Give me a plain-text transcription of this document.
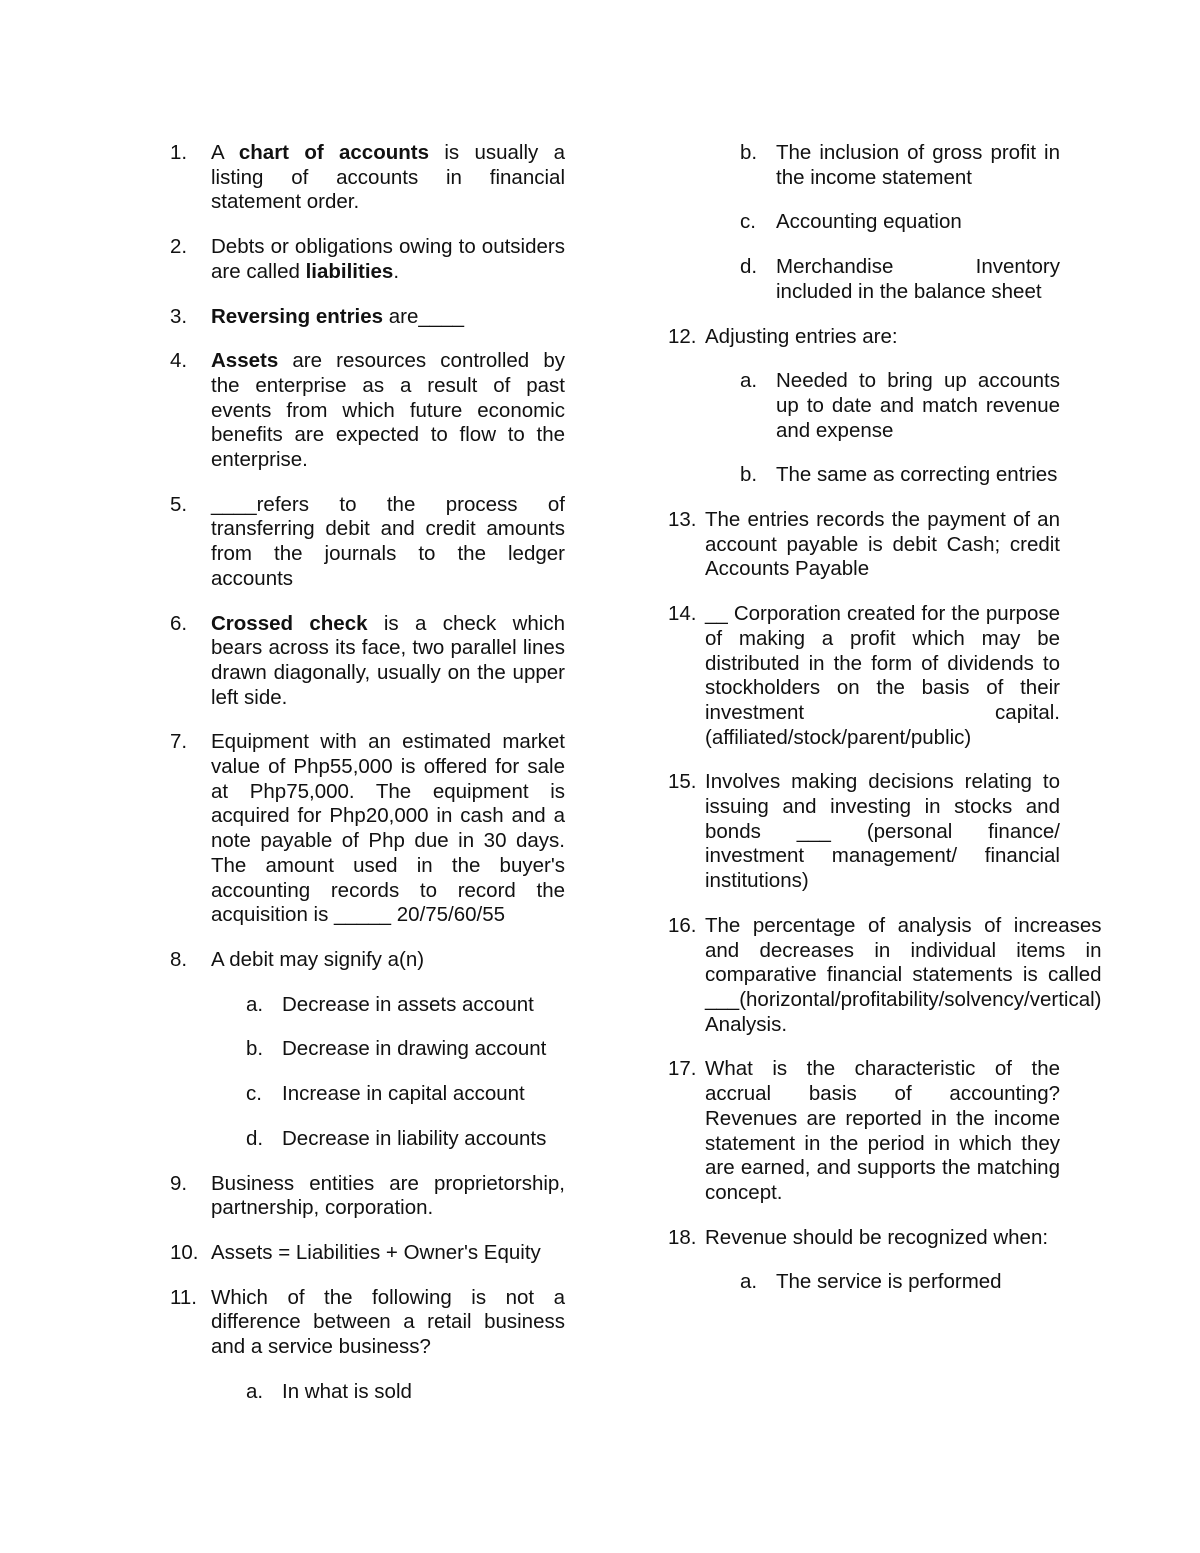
1.	A chart of accounts is usually a listing of accounts in financial statement order.
2.	Debts or obligations owing to outsiders are called liabilities.
3.	Reversing entries are____
4.	Assets are resources controlled by the enterprise as a result of past events from which future economic benefits are expected to flow to the enterprise.
5.	____refers to the process of transferring debit and credit amounts from the journals to the ledger accounts
6.	Crossed check is a check which bears across its face, two parallel lines drawn diagonally, usually on the upper left side.
7.	Equipment with an estimated market value of Php55,000 is offered for sale at Php75,000. The equipment is acquired for Php20,000 in cash and a note payable of Php due in 30 days. The amount used in the buyer's accounting records to record the acquisition is _____ 20/75/60/55
8.	A debit may signify a(n)
a. Decrease in assets account
b. Decrease in drawing account
c. Increase in capital account
d. Decrease in liability accounts
9.	Business entities are proprietorship, partnership, corporation.
10. Assets = Liabilities + Owner's Equity
11. Which of the following is not a difference between a retail business and a service business?
a. In what is sold
b. The inclusion of gross profit in the income statement
c. Accounting equation
d. Merchandise Inventory included in the balance sheet
12. Adjusting entries are:
a. Needed to bring up accounts up to date and match revenue and expense
b. The same as correcting entries
13. The entries records the payment of an account payable is debit Cash; credit Accounts Payable
14. __ Corporation created for the purpose of making a profit which may be distributed in the form of dividends to stockholders on the basis of their investment capital. (affiliated/stock/parent/public)
15. Involves making decisions relating to issuing and investing in stocks and bonds ___ (personal finance/ investment management/ financial institutions)
16. The percentage of analysis of increases and decreases in individual items in comparative financial statements is called ___(horizontal/profitability/solvency/vertical) Analysis.
17. What is the characteristic of the accrual basis of accounting? Revenues are reported in the income statement in the period in which they are earned, and supports the matching concept.
18. Revenue should be recognized when:
a. The service is performed
